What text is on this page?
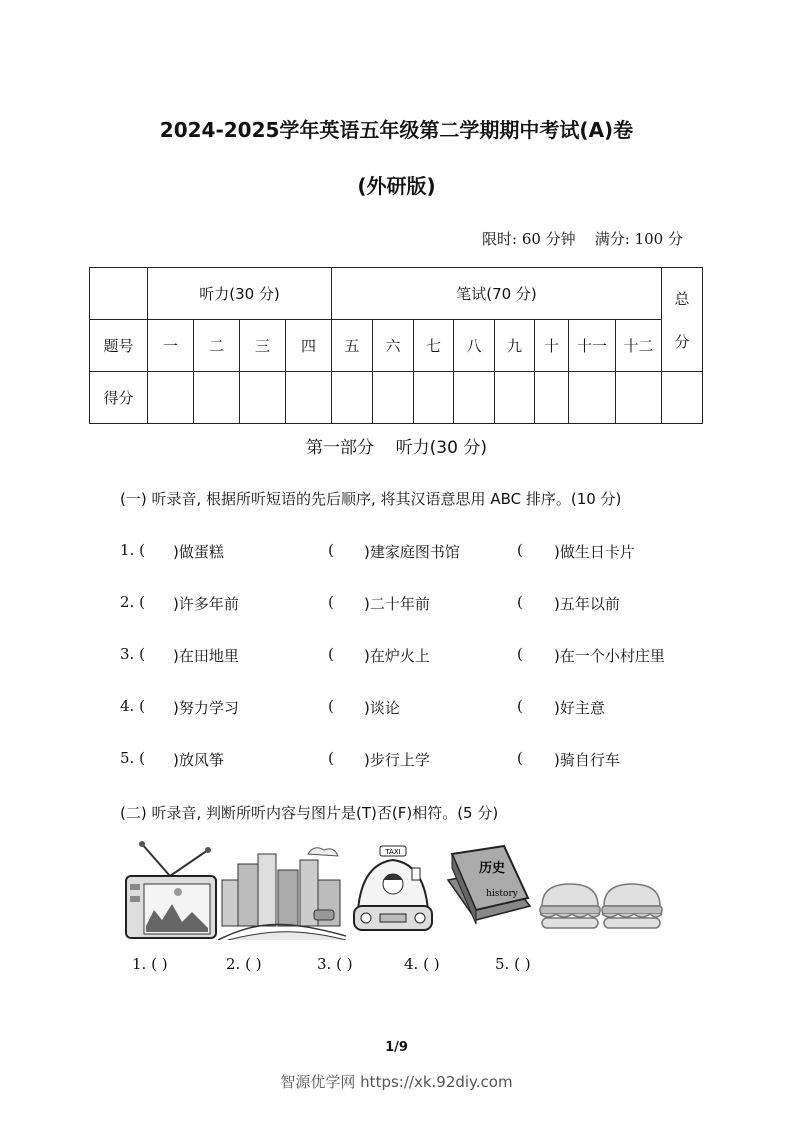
2024-2025学年英语五年级第二学期期中考试(A)卷
(外研版)
限时: 60 分钟    满分: 100 分
	听力(30 分)				笔试(70 分)								总
分

题号	一	二	三	四	五	六	七	八	九	十	十一	十二	
得分													
第一部分    听力(30 分)
(一) 听录音, 根据所听短语的先后顺序, 将其汉语意思用 ABC 排序。(10 分)
1. ( )做蛋糕	( )建家庭图书馆	( )做生日卡片
2. ( )许多年前	( )二十年前	( )五年以前
3. ( )在田地里	( )在炉火上	( )在一个小村庄里
4. ( )努力学习	( )谈论	( )好主意
5. ( )放风筝	( )步行上学	( )骑自行车
(二) 听录音, 判断所听内容与图片是(T)否(F)相符。(5 分)
TAXI
历史
history
1. ( )	2. ( )	3. ( )	4. ( )	5. ( )
1/9
智源优学网 https://xk.92diy.com
